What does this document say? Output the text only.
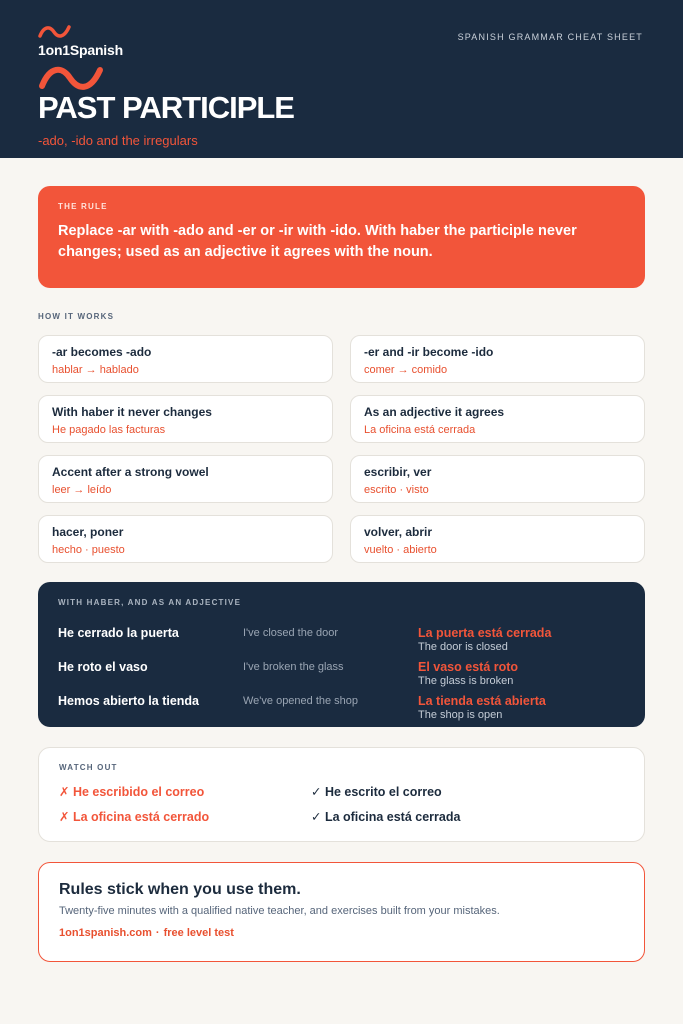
1on1Spanish
SPANISH GRAMMAR CHEAT SHEET
PAST PARTICIPLE
-ado, -ido and the irregulars
THE RULE
Replace -ar with -ado and -er or -ir with -ido. With haber the participle never changes; used as an adjective it agrees with the noun.
HOW IT WORKS
-ar becomes -ado
hablar → hablado
-er and -ir become -ido
comer → comido
With haber it never changes
He pagado las facturas
As an adjective it agrees
La oficina está cerrada
Accent after a strong vowel
leer → leído
escribir, ver
escrito · visto
hacer, poner
hecho · puesto
volver, abrir
vuelto · abierto
WITH HABER, AND AS AN ADJECTIVE
He cerrado la puerta	I've closed the door	La puerta está cerrada
The door is closed
He roto el vaso	I've broken the glass	El vaso está roto
The glass is broken
Hemos abierto la tienda	We've opened the shop	La tienda está abierta
The shop is open
WATCH OUT
✗ He escribido el correo	✓ He escrito el correo
✗ La oficina está cerrado	✓ La oficina está cerrada
Rules stick when you use them.
Twenty-five minutes with a qualified native teacher, and exercises built from your mistakes.
1on1spanish.com · free level test
